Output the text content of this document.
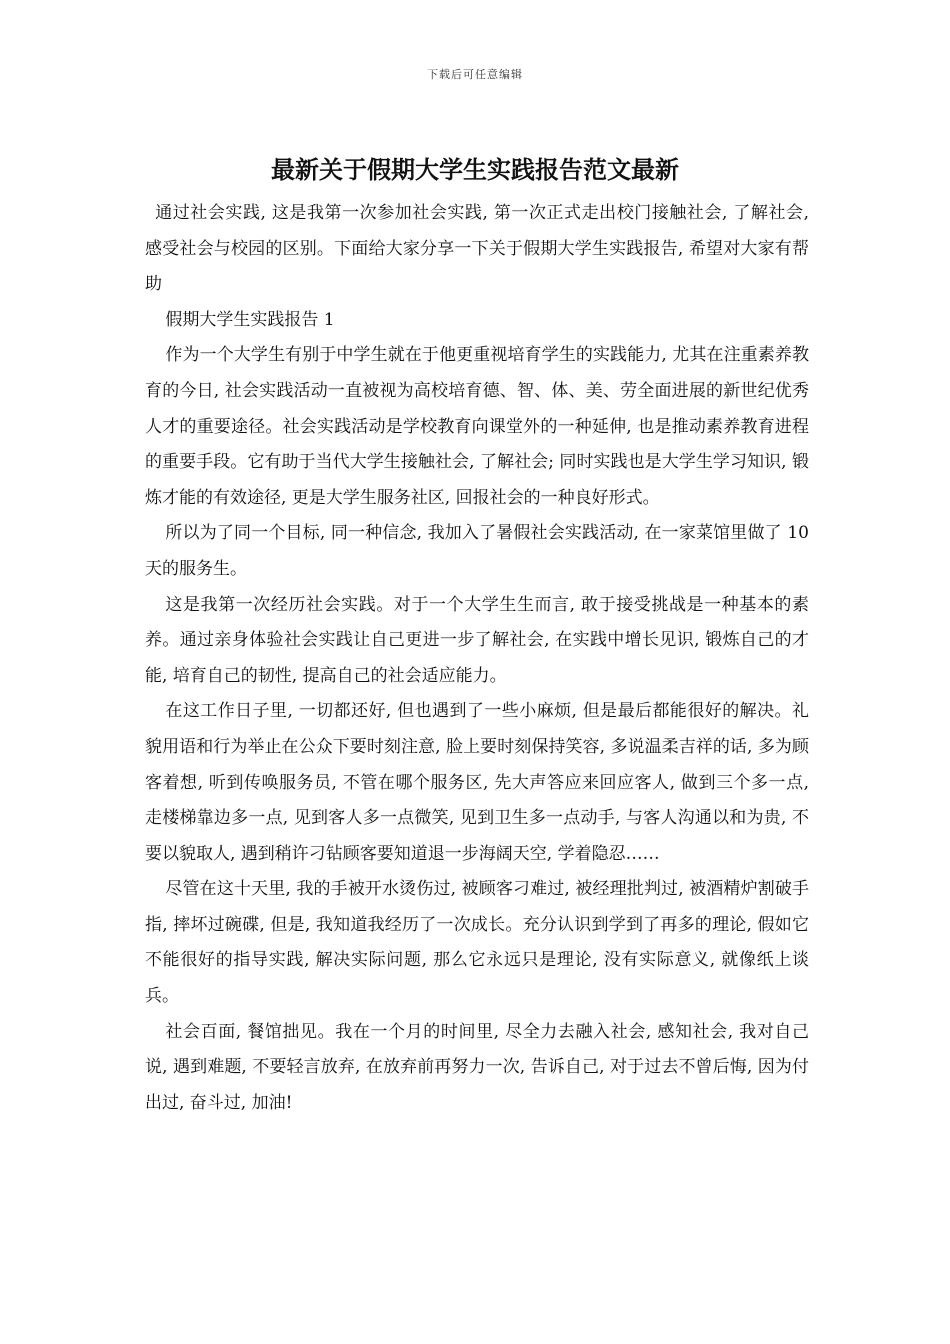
下载后可任意编辑
最新关于假期大学生实践报告范文最新

通过社会实践, 这是我第一次参加社会实践, 第一次正式走出校门接触社会, 了解社会, 感受社会与校园的区别。下面给大家分享一下关于假期大学生实践报告, 希望对大家有帮助

假期大学生实践报告 1

作为一个大学生有别于中学生就在于他更重视培育学生的实践能力, 尤其在注重素养教育的今日, 社会实践活动一直被视为高校培育德、智、体、美、劳全面进展的新世纪优秀人才的重要途径。社会实践活动是学校教育向课堂外的一种延伸, 也是推动素养教育进程的重要手段。它有助于当代大学生接触社会, 了解社会; 同时实践也是大学生学习知识, 锻炼才能的有效途径, 更是大学生服务社区, 回报社会的一种良好形式。

所以为了同一个目标, 同一种信念, 我加入了暑假社会实践活动, 在一家菜馆里做了 10 天的服务生。

这是我第一次经历社会实践。对于一个大学生生而言, 敢于接受挑战是一种基本的素养。通过亲身体验社会实践让自己更进一步了解社会, 在实践中增长见识, 锻炼自己的才能, 培育自己的韧性, 提高自己的社会适应能力。

在这工作日子里, 一切都还好, 但也遇到了一些小麻烦, 但是最后都能很好的解决。礼貌用语和行为举止在公众下要时刻注意, 脸上要时刻保持笑容, 多说温柔吉祥的话, 多为顾客着想, 听到传唤服务员, 不管在哪个服务区, 先大声答应来回应客人, 做到三个多一点, 走楼梯靠边多一点, 见到客人多一点微笑, 见到卫生多一点动手, 与客人沟通以和为贵, 不要以貌取人, 遇到稍许刁钻顾客要知道退一步海阔天空, 学着隐忍……

尽管在这十天里, 我的手被开水烫伤过, 被顾客刁难过, 被经理批判过, 被酒精炉割破手指, 摔坏过碗碟, 但是, 我知道我经历了一次成长。充分认识到学到了再多的理论, 假如它不能很好的指导实践, 解决实际问题, 那么它永远只是理论, 没有实际意义, 就像纸上谈兵。

社会百面, 餐馆拙见。我在一个月的时间里, 尽全力去融入社会, 感知社会, 我对自己说, 遇到难题, 不要轻言放弃, 在放弃前再努力一次, 告诉自己, 对于过去不曾后悔, 因为付出过, 奋斗过, 加油!
